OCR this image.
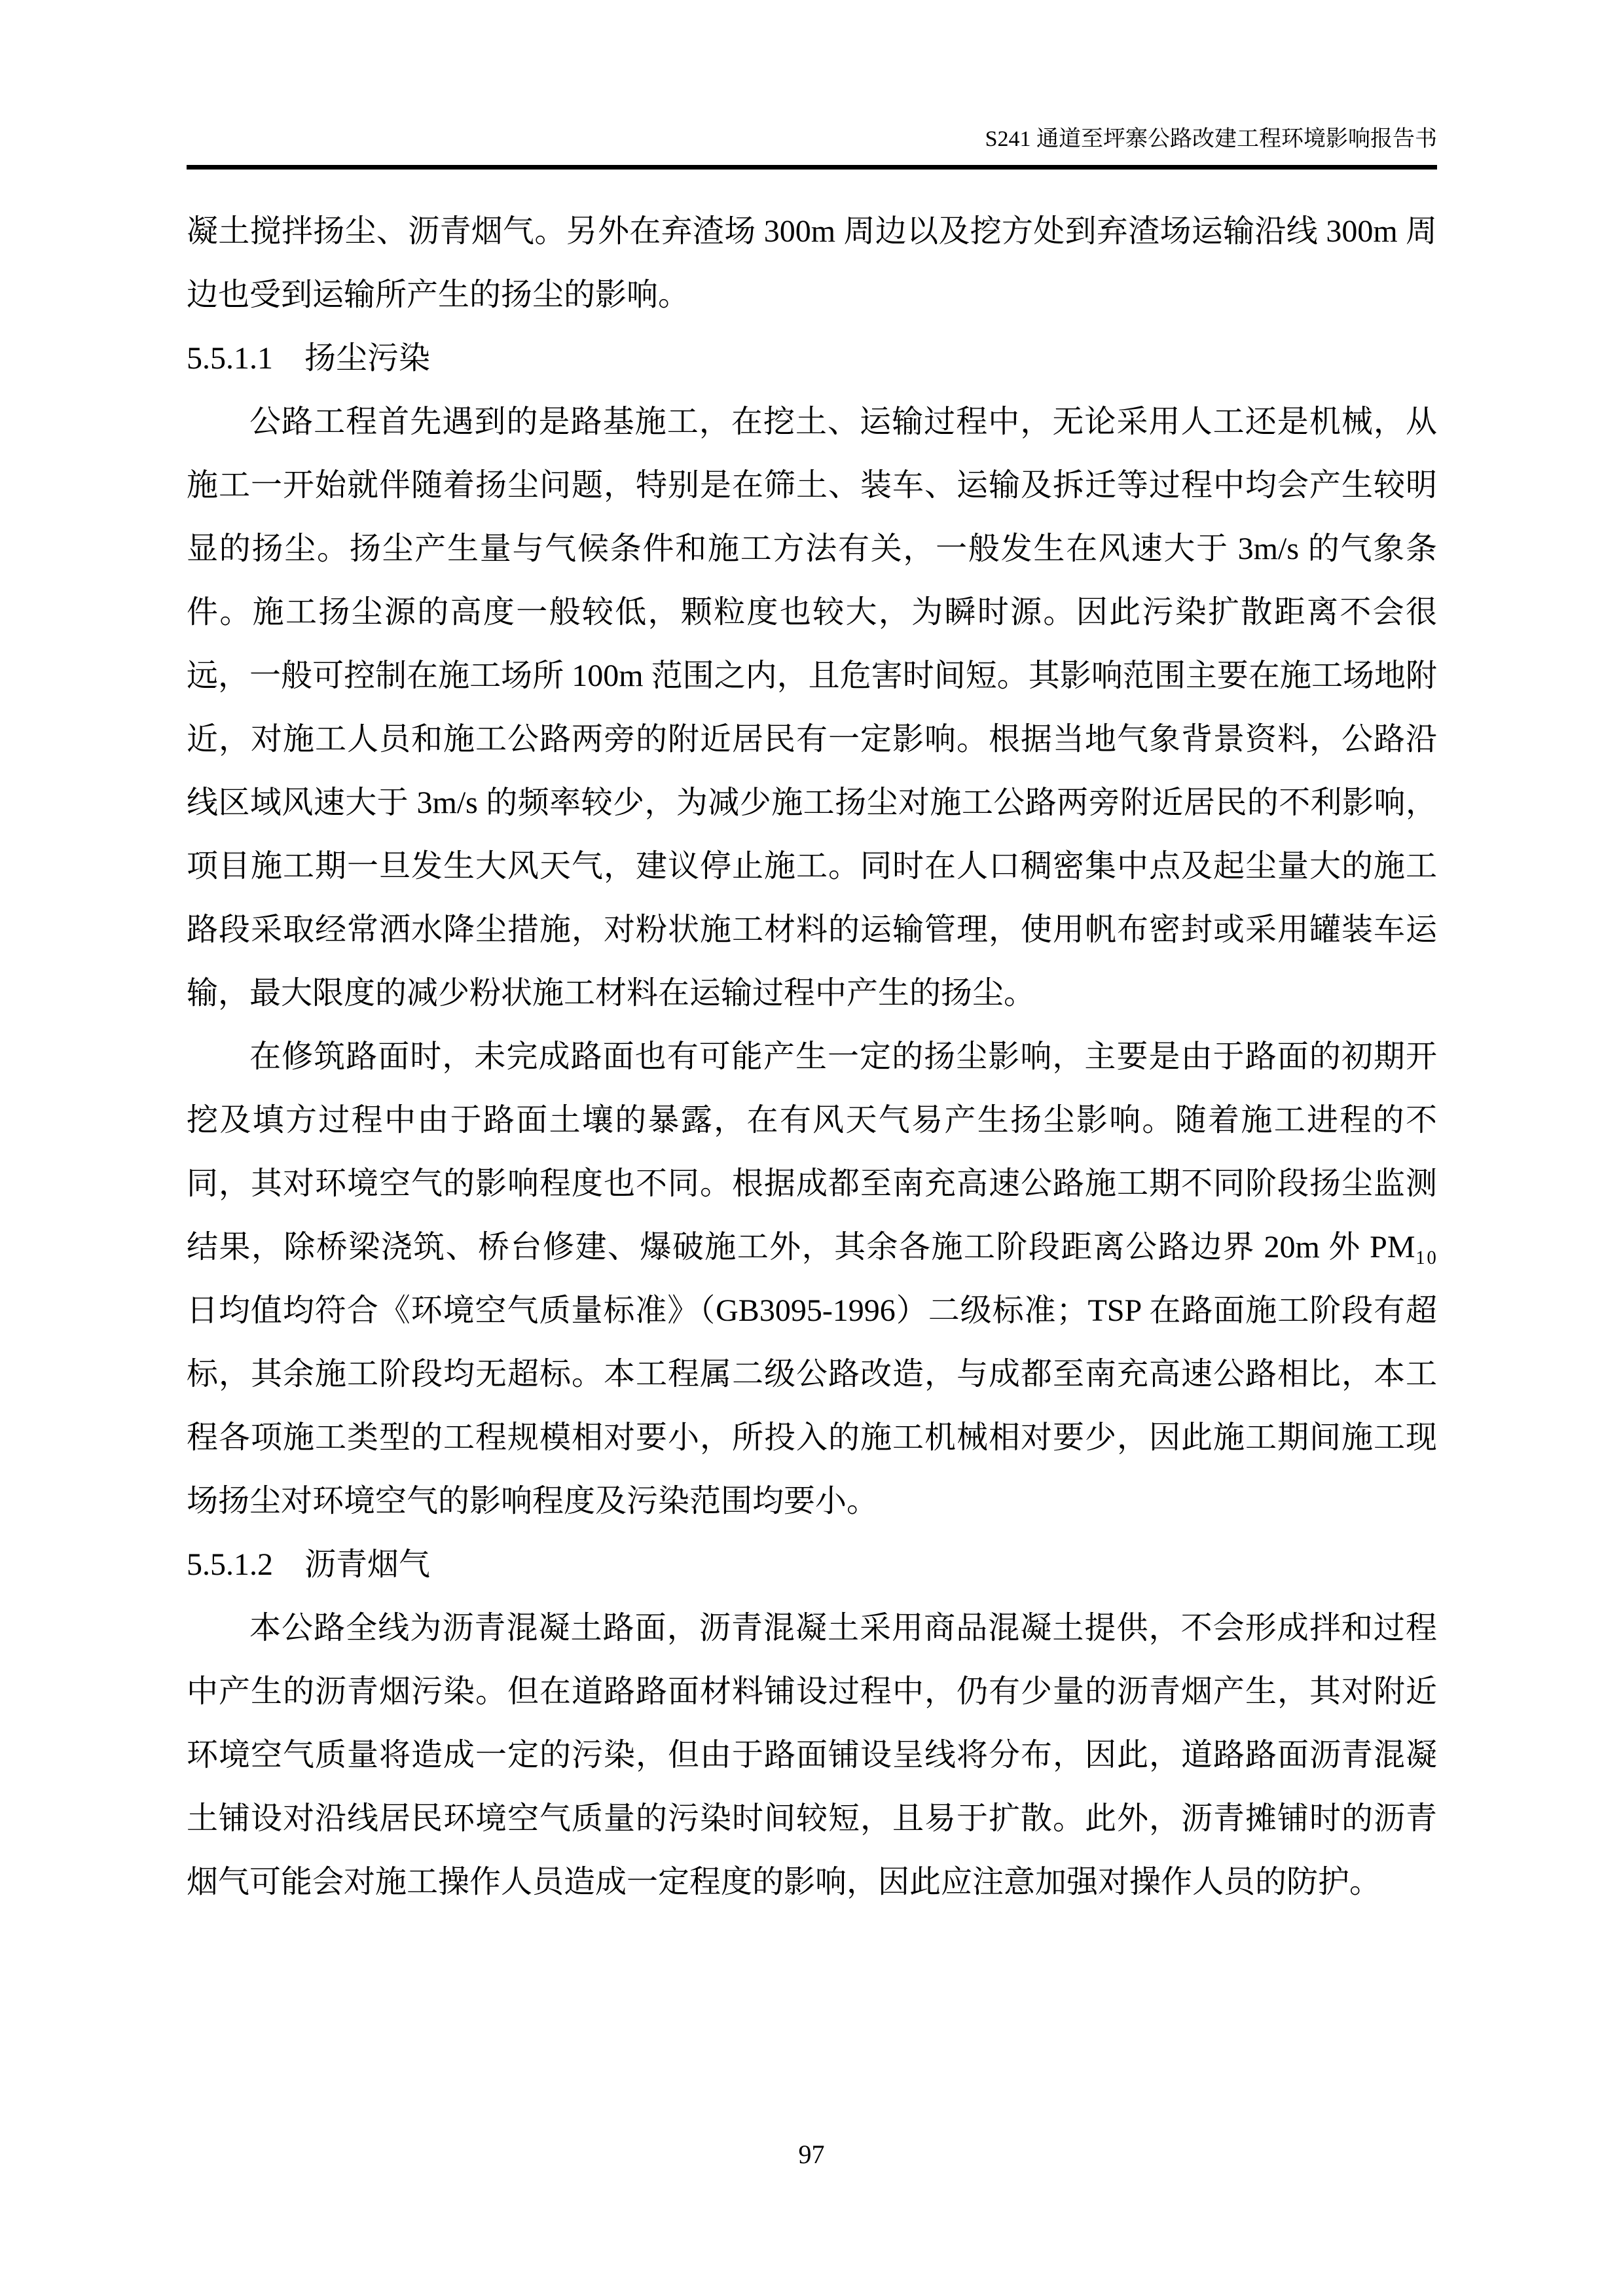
S241 通道至坪寨公路改建工程环境影响报告书

凝土搅拌扬尘、沥青烟气。另外在弃渣场 300m 周边以及挖方处到弃渣场运输沿线 300m 周边也受到运输所产生的扬尘的影响。

5.5.1.1　扬尘污染

公路工程首先遇到的是路基施工，在挖土、运输过程中，无论采用人工还是机械，从施工一开始就伴随着扬尘问题，特别是在筛土、装车、运输及拆迁等过程中均会产生较明显的扬尘。扬尘产生量与气候条件和施工方法有关，一般发生在风速大于 3m/s 的气象条件。施工扬尘源的高度一般较低，颗粒度也较大，为瞬时源。因此污染扩散距离不会很远，一般可控制在施工场所 100m 范围之内，且危害时间短。其影响范围主要在施工场地附近，对施工人员和施工公路两旁的附近居民有一定影响。根据当地气象背景资料，公路沿线区域风速大于 3m/s 的频率较少，为减少施工扬尘对施工公路两旁附近居民的不利影响，项目施工期一旦发生大风天气，建议停止施工。同时在人口稠密集中点及起尘量大的施工路段采取经常洒水降尘措施，对粉状施工材料的运输管理，使用帆布密封或采用罐装车运输，最大限度的减少粉状施工材料在运输过程中产生的扬尘。

在修筑路面时，未完成路面也有可能产生一定的扬尘影响，主要是由于路面的初期开挖及填方过程中由于路面土壤的暴露，在有风天气易产生扬尘影响。随着施工进程的不同，其对环境空气的影响程度也不同。根据成都至南充高速公路施工期不同阶段扬尘监测结果，除桥梁浇筑、桥台修建、爆破施工外，其余各施工阶段距离公路边界 20m 外 PM₁₀ 日均值均符合《环境空气质量标准》（GB3095-1996）二级标准；TSP 在路面施工阶段有超标，其余施工阶段均无超标。本工程属二级公路改造，与成都至南充高速公路相比，本工程各项施工类型的工程规模相对要小，所投入的施工机械相对要少，因此施工期间施工现场扬尘对环境空气的影响程度及污染范围均要小。

5.5.1.2　沥青烟气

本公路全线为沥青混凝土路面，沥青混凝土采用商品混凝土提供，不会形成拌和过程中产生的沥青烟污染。但在道路路面材料铺设过程中，仍有少量的沥青烟产生，其对附近环境空气质量将造成一定的污染，但由于路面铺设呈线将分布，因此，道路路面沥青混凝土铺设对沿线居民环境空气质量的污染时间较短，且易于扩散。此外，沥青摊铺时的沥青烟气可能会对施工操作人员造成一定程度的影响，因此应注意加强对操作人员的防护。

97
